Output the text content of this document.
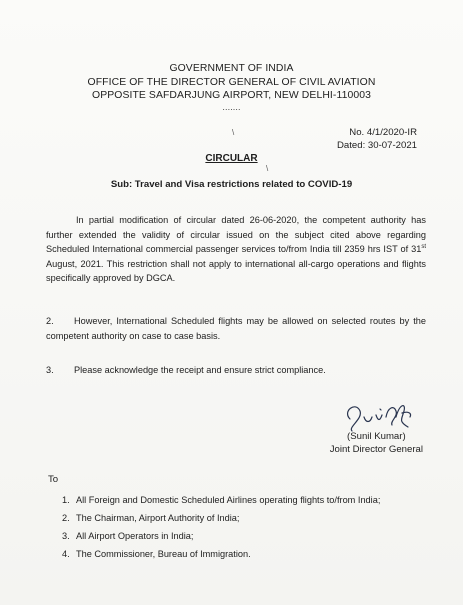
GOVERNMENT OF INDIA
OFFICE OF THE DIRECTOR GENERAL OF CIVIL AVIATION
OPPOSITE SAFDARJUNG AIRPORT, NEW DELHI-110003
.......
\	No. 4/1/2020-IR
Dated: 30-07-2021
CIRCULAR
\
Sub: Travel and Visa restrictions related to COVID-19
In partial modification of circular dated 26-06-2020, the competent authority has further extended the validity of circular issued on the subject cited above regarding Scheduled International commercial passenger services to/from India till 2359 hrs IST of 31st August, 2021. This restriction shall not apply to international all-cargo operations and flights specifically approved by DGCA.
2. However, International Scheduled flights may be allowed on selected routes by the competent authority on case to case basis.
3. Please acknowledge the receipt and ensure strict compliance.
(Sunil Kumar)
Joint Director General
To
1. All Foreign and Domestic Scheduled Airlines operating flights to/from India;
2. The Chairman, Airport Authority of India;
3. All Airport Operators in India;
4. The Commissioner, Bureau of Immigration.
